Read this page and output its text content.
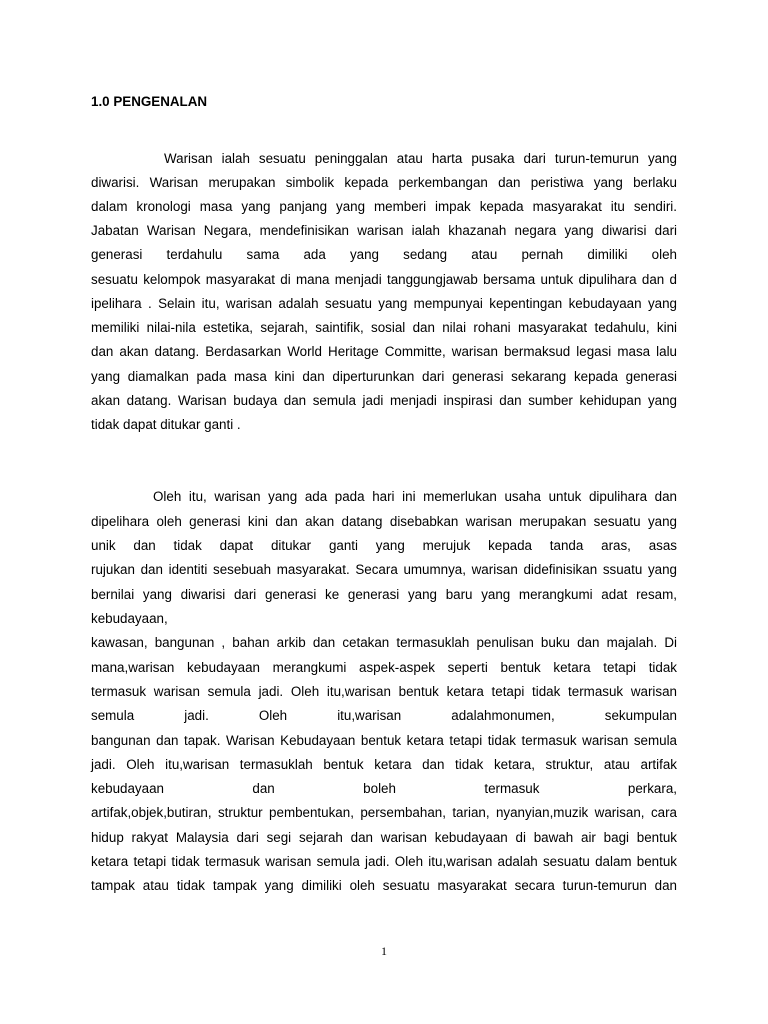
1.0 PENGENALAN
Warisan ialah sesuatu peninggalan atau harta pusaka dari turun-temurun yang
diwarisi. Warisan merupakan simbolik kepada perkembangan dan peristiwa yang berlaku
dalam kronologi masa yang panjang yang memberi impak kepada masyarakat itu sendiri.
Jabatan Warisan Negara, mendefinisikan warisan ialah khazanah negara yang diwarisi dari
generasi terdahulu sama ada yang sedang atau pernah dimiliki oleh
sesuatu kelompok masyarakat di mana menjadi tanggungjawab bersama untuk dipulihara dan d
ipelihara . Selain itu, warisan adalah sesuatu yang mempunyai kepentingan kebudayaan yang
memiliki nilai-nila estetika, sejarah, saintifik, sosial dan nilai rohani masyarakat tedahulu, kini
dan akan datang. Berdasarkan World Heritage Committe, warisan bermaksud legasi masa lalu
yang diamalkan pada masa kini dan diperturunkan dari generasi sekarang kepada generasi
akan datang. Warisan budaya dan semula jadi menjadi inspirasi dan sumber kehidupan yang
tidak dapat ditukar ganti .
Oleh itu, warisan yang ada pada hari ini memerlukan usaha untuk dipulihara dan
dipelihara oleh generasi kini dan akan datang disebabkan warisan merupakan sesuatu yang
unik dan tidak dapat ditukar ganti yang merujuk kepada tanda aras, asas
rujukan dan identiti sesebuah masyarakat. Secara umumnya, warisan didefinisikan ssuatu yang
bernilai yang diwarisi dari generasi ke generasi yang baru yang merangkumi adat resam,
kebudayaan,
kawasan, bangunan , bahan arkib dan cetakan termasuklah penulisan buku dan majalah. Di
mana,warisan kebudayaan merangkumi aspek-aspek seperti bentuk ketara tetapi tidak
termasuk warisan semula jadi. Oleh itu,warisan bentuk ketara tetapi tidak termasuk warisan
semula jadi. Oleh itu,warisan adalahmonumen, sekumpulan
bangunan dan tapak. Warisan Kebudayaan bentuk ketara tetapi tidak termasuk warisan semula
jadi. Oleh itu,warisan termasuklah bentuk ketara dan tidak ketara, struktur, atau artifak
kebudayaan dan boleh termasuk perkara,
artifak,objek,butiran, struktur pembentukan, persembahan, tarian, nyanyian,muzik warisan, cara
hidup rakyat Malaysia dari segi sejarah dan warisan kebudayaan di bawah air bagi bentuk
ketara tetapi tidak termasuk warisan semula jadi. Oleh itu,warisan adalah sesuatu dalam bentuk
tampak atau tidak tampak yang dimiliki oleh sesuatu masyarakat secara turun-temurun dan
1
